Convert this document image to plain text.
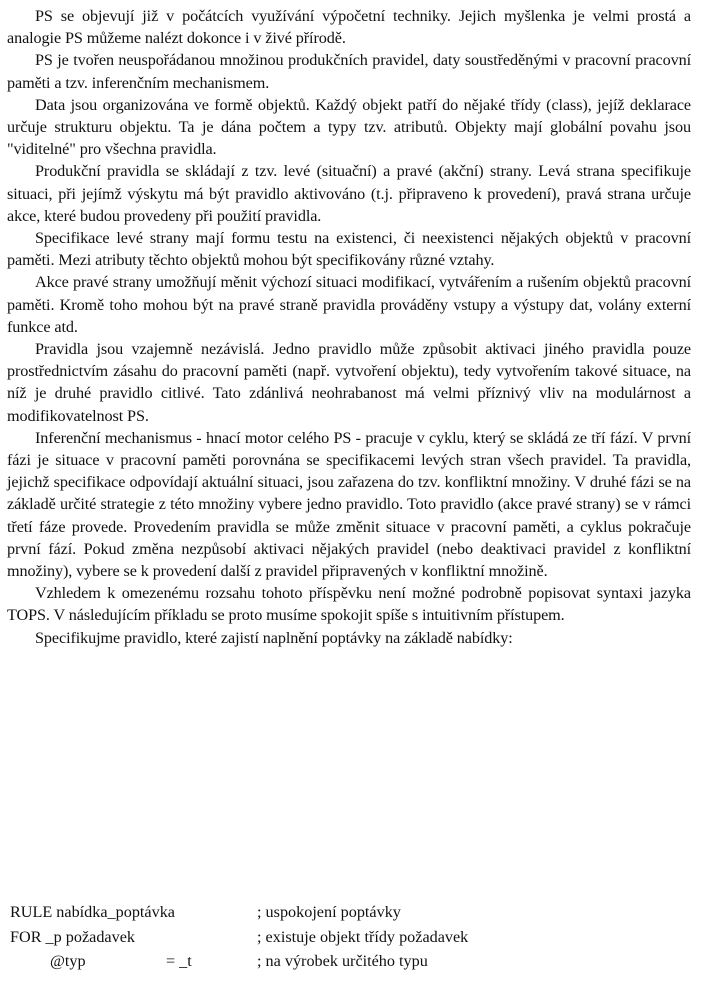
PS se objevují již v počátcích využívání výpočetní techniky. Jejich myšlenka je velmi prostá a analogie PS můžeme nalézt dokonce i v živé přírodě.

PS je tvořen neuspořádanou množinou produkčních pravidel, daty soustředěnými v pracovní pracovní paměti a tzv. inferenčním mechanismem.

Data jsou organizována ve formě objektů. Každý objekt patří do nějaké třídy (class), jejíž deklarace určuje strukturu objektu. Ta je dána počtem a typy tzv. atributů. Objekty mají globální povahu jsou "viditelné" pro všechna pravidla.

Produkční pravidla se skládají z tzv. levé (situační) a pravé (akční) strany. Levá strana specifikuje situaci, při jejímž výskytu má být pravidlo aktivováno (t.j. připraveno k provedení), pravá strana určuje akce, které budou provedeny při použití pravidla.

Specifikace levé strany mají formu testu na existenci, či neexistenci nějakých objektů v pracovní paměti. Mezi atributy těchto objektů mohou být specifikovány různé vztahy.

Akce pravé strany umožňují měnit výchozí situaci modifikací, vytvářením a rušením objektů pracovní paměti. Kromě toho mohou být na pravé straně pravidla prováděny vstupy a výstupy dat, volány externí funkce atd.

Pravidla jsou vzajemně nezávislá. Jedno pravidlo může způsobit aktivaci jiného pravidla pouze prostřednictvím zásahu do pracovní paměti (např. vytvoření objektu), tedy vytvořením takové situace, na níž je druhé pravidlo citlivé. Tato zdánlivá neohrabanost má velmi příznivý vliv na modulárnost a modifikovatelnost PS.

Inferenční mechanismus - hnací motor celého PS - pracuje v cyklu, který se skládá ze tří fází. V první fázi je situace v pracovní paměti porovnána se specifikacemi levých stran všech pravidel. Ta pravidla, jejichž specifikace odpovídají aktuální situaci, jsou zařazena do tzv. konfliktní množiny. V druhé fázi se na základě určité strategie z této množiny vybere jedno pravidlo. Toto pravidlo (akce pravé strany) se v rámci třetí fáze provede. Provedením pravidla se může změnit situace v pracovní paměti, a cyklus pokračuje první fází. Pokud změna nezpůsobí aktivaci nějakých pravidel (nebo deaktivaci pravidel z konfliktní množiny), vybere se k provedení další z pravidel připravených v konfliktní množině.

Vzhledem k omezenému rozsahu tohoto příspěvku není možné podrobně popisovat syntaxi jazyka TOPS. V následujícím příkladu se proto musíme spokojit spíše s intuitivním přístupem.

Specifikujme pravidlo, které zajistí naplnění poptávky na základě nabídky:

RULE nabídka_poptávka	; uspokojení poptávky
FOR _p požadavek	; existuje objekt třídy požadavek
@typ	= _t	; na výrobek určitého typu
